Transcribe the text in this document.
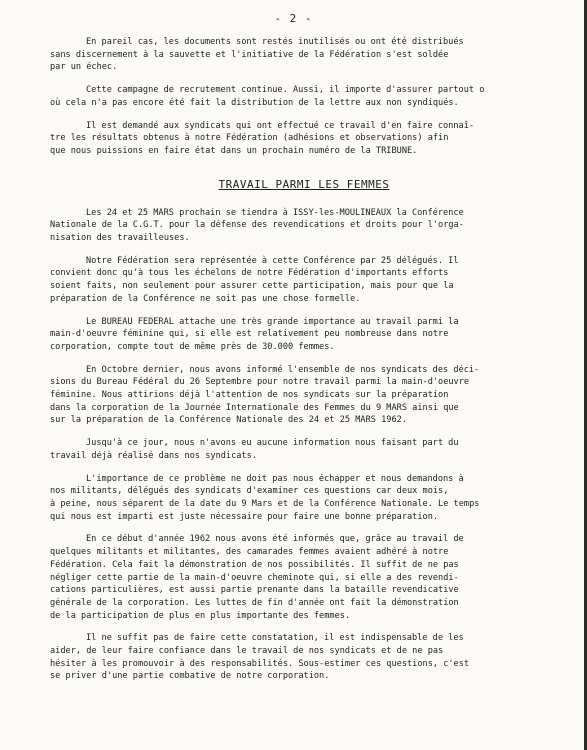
- 2 -
En pareil cas, les documents sont restés inutilisés ou ont été distribués
sans discernement à la sauvette et l'initiative de la Fédération s'est soldée
par un échec.
Cette campagne de recrutement continue. Aussi, il importe d'assurer partout o
où cela n'a pas encore été fait la distribution de la lettre aux non syndiqués.
Il est demandé aux syndicats qui ont effectué ce travail d'en faire connaî-
tre les résultats obtenus à notre Fédération (adhésions et observations) afin
que nous puissions en faire état dans un prochain numéro de la TRIBUNE.
TRAVAIL PARMI LES FEMMES
Les 24 et 25 MARS prochain se tiendra à ISSY-les-MOULINEAUX la Conférence
Nationale de la C.G.T. pour la défense des revendications et droits pour l'orga-
nisation des travailleuses.
Notre Fédération sera représentée à cette Conférence par 25 délégués. Il
convient donc qu'à tous les échelons de notre Fédération d'importants efforts
soient faits, non seulement pour assurer cette participation, mais pour que la
préparation de la Conférence ne soit pas une chose formelle.
Le BUREAU FEDERAL attache une très grande importance au travail parmi la
main-d'oeuvre féminine qui, si elle est relativement peu nombreuse dans notre
corporation, compte tout de même près de 30.000 femmes.
En Octobre dernier, nous avons informé l'ensemble de nos syndicats des déci-
sions du Bureau Fédéral du 26 Septembre pour notre travail parmi la main-d'oeuvre
féminine. Nous attirions déjà l'attention de nos syndicats sur la préparation
dans la corporation de la Journée Internationale des Femmes du 9 MARS ainsi que
sur la préparation de la Conférence Nationale des 24 et 25 MARS 1962.
Jusqu'à ce jour, nous n'avons eu aucune information nous faisant part du
travail déjà réalisé dans nos syndicats.
L'importance de ce problème ne doit pas nous échapper et nous demandons à
nos militants, délégués des syndicats d'examiner ces questions car deux mois,
à peine, nous séparent de la date du 9 Mars et de la Conférence Nationale. Le temps
qui nous est imparti est juste nécessaire pour faire une bonne préparation.
En ce début d'année 1962 nous avons été informés que, grâce au travail de
quelques militants et militantes, des camarades femmes avaient adhéré à notre
Fédération. Cela fait la démonstration de nos possibilités. Il suffit de ne pas
négliger cette partie de la main-d'oeuvre cheminote qui, si elle a des revendi-
cations particulières, est aussi partie prenante dans la bataille revendicative
générale de la corporation. Les luttes de fin d'année ont fait la démonstration
de la participation de plus en plus importante des femmes.
Il ne suffit pas de faire cette constatation, il est indispensable de les
aider, de leur faire confiance dans le travail de nos syndicats et de ne pas
hésiter à les promouvoir à des responsabilités. Sous-estimer ces questions, c'est
se priver d'une partie combative de notre corporation.
